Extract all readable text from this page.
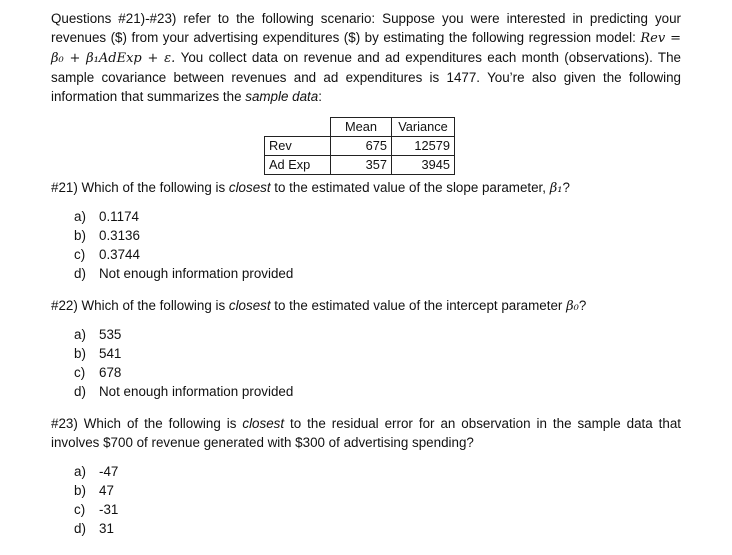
Questions #21)-#23) refer to the following scenario: Suppose you were interested in predicting your
revenues ($) from your advertising expenditures ($) by estimating the following regression model: Rev =
β₀ + β₁AdExp + ε. You collect data on revenue and ad expenditures each month (observations). The
sample covariance between revenues and ad expenditures is 1477. You’re also given the following
information that summarizes the sample data:
	Mean	Variance
Rev	675	12579
Ad Exp	357	3945
#21) Which of the following is closest to the estimated value of the slope parameter, β₁?
a) 0.1174
b) 0.3136
c) 0.3744
d) Not enough information provided
#22) Which of the following is closest to the estimated value of the intercept parameter β₀?
a) 535
b) 541
c) 678
d) Not enough information provided
#23) Which of the following is closest to the residual error for an observation in the sample data that
involves $700 of revenue generated with $300 of advertising spending?
a) -47
b) 47
c) -31
d) 31
